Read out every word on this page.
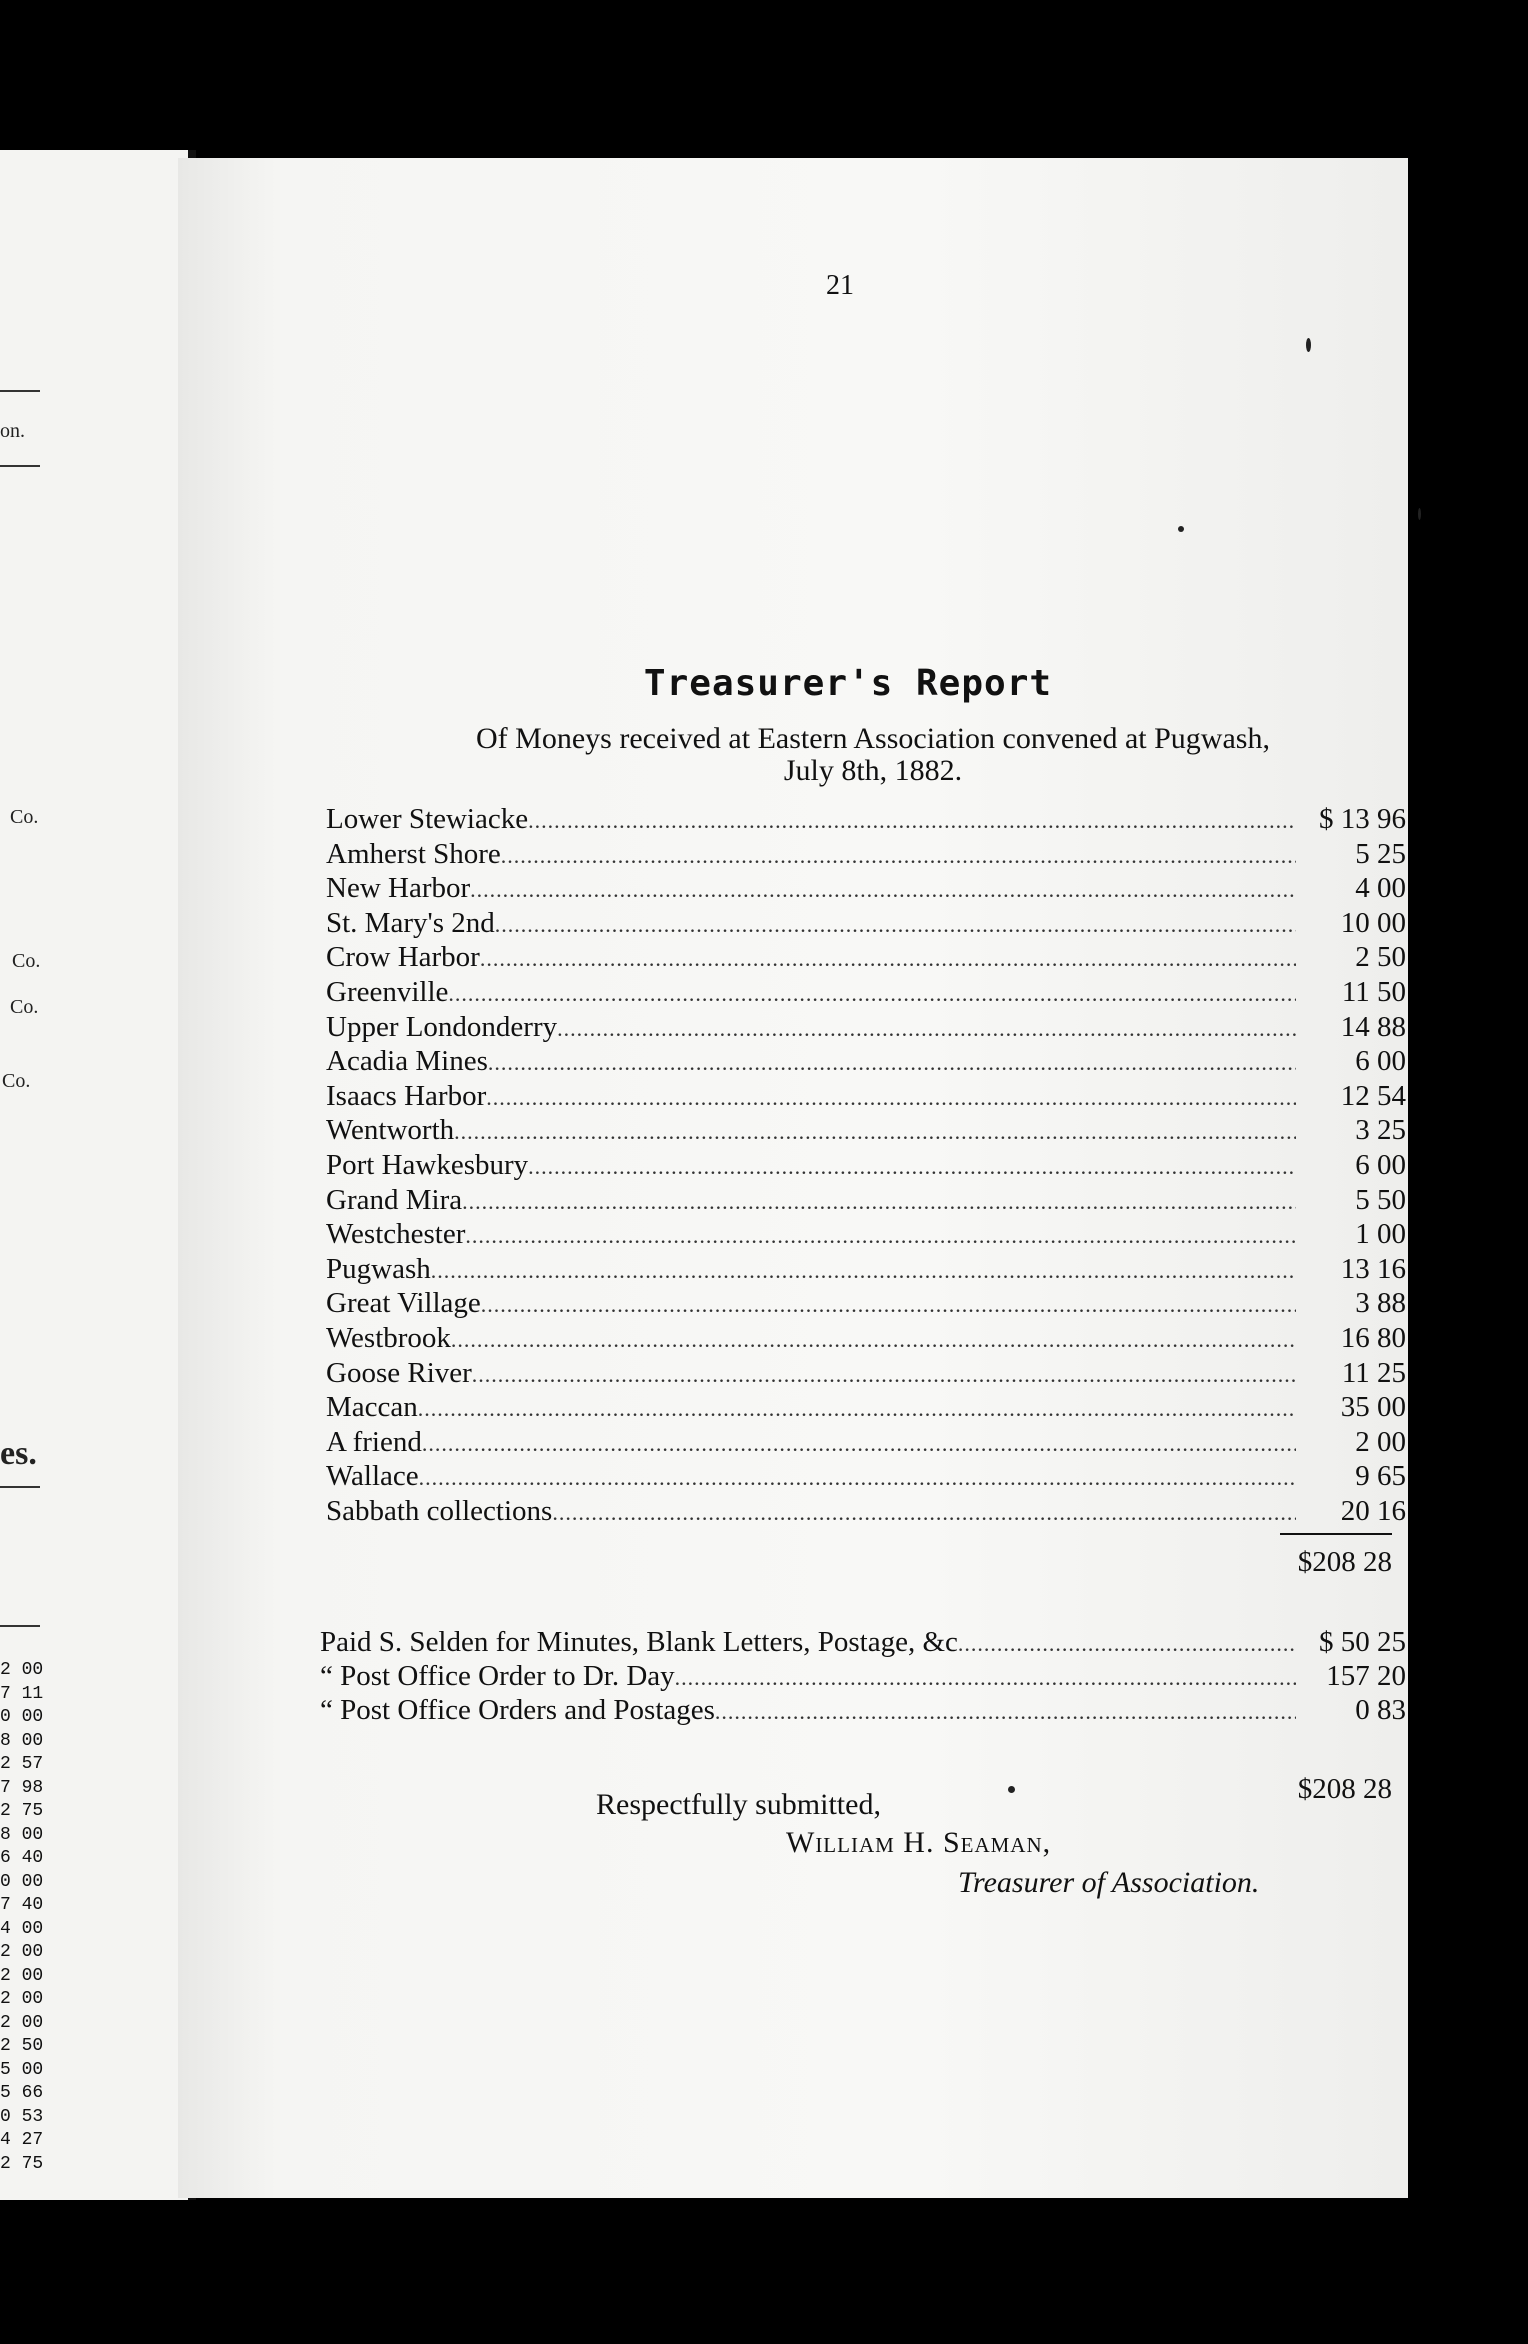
on.
Co.
Co.
Co.
Co.
es.
2 00
7 11
0 00
8 00
2 57
7 98
2 75
8 00
6 40
0 00
7 40
4 00
2 00
2 00
2 00
2 00
2 50
5 00
5 66
0 53
4 27
2 75
21
Treasurer's Report
Of Moneys received at Eastern Association convened at Pugwash,
July 8th, 1882.
Lower Stewiacke .....	$ 13 96
Amherst Shore .....	5 25
New Harbor .....	4 00
St. Mary's 2nd .....	10 00
Crow Harbor .....	2 50
Greenville .....	11 50
Upper Londonderry .....	14 88
Acadia Mines .....	6 00
Isaacs Harbor .....	12 54
Wentworth .....	3 25
Port Hawkesbury .....	6 00
Grand Mira .....	5 50
Westchester .....	1 00
Pugwash .....	13 16
Great Village .....	3 88
Westbrook .....	16 80
Goose River .....	11 25
Maccan .....	35 00
A friend .....	2 00
Wallace .....	9 65
Sabbath collections .....	20 16
$208 28
Paid S. Selden for Minutes, Blank Letters, Postage, &c .....	$ 50 25
“ Post Office Order to Dr. Day .....	157 20
“ Post Office Orders and Postages .....	0 83
$208 28
Respectfully submitted,
William H. Seaman,
Treasurer of Association.
